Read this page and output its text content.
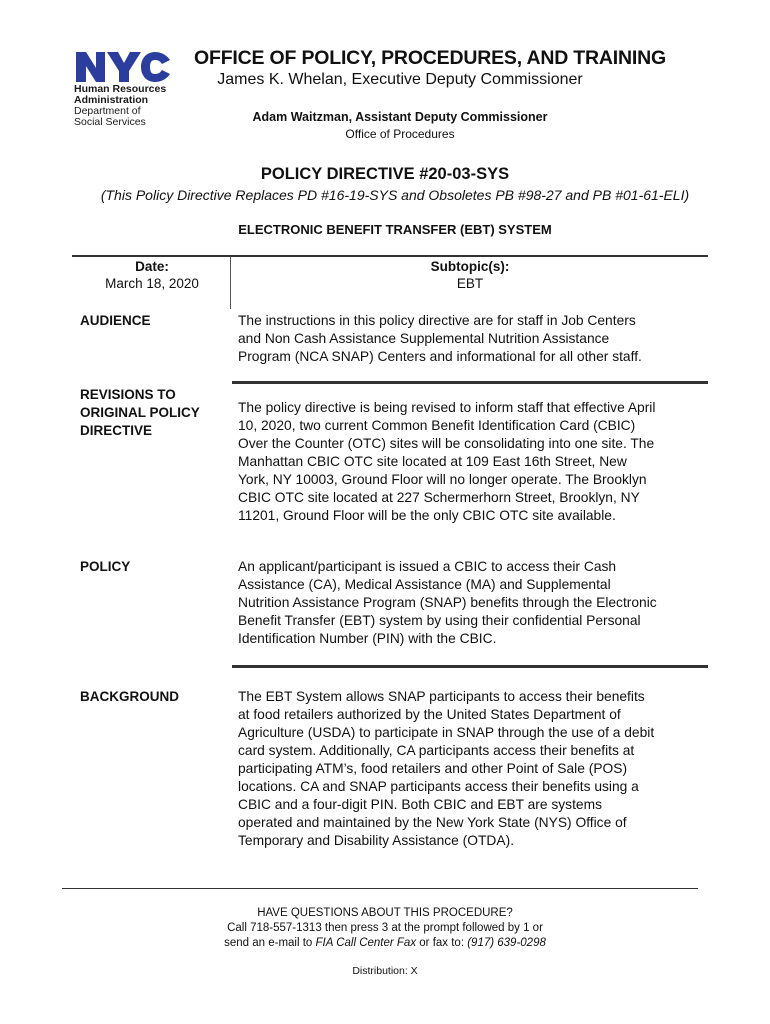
Human Resources
Administration
Department of
Social Services
OFFICE OF POLICY, PROCEDURES, AND TRAINING
James K. Whelan, Executive Deputy Commissioner
Adam Waitzman, Assistant Deputy Commissioner
Office of Procedures
POLICY DIRECTIVE #20-03-SYS
(This Policy Directive Replaces PD #16-19-SYS and Obsoletes PB #98-27 and PB #01-61-ELI)
ELECTRONIC BENEFIT TRANSFER (EBT) SYSTEM
Date:
March 18, 2020
Subtopic(s):
EBT
AUDIENCE	The instructions in this policy directive are for staff in Job Centers
and Non Cash Assistance Supplemental Nutrition Assistance
Program (NCA SNAP) Centers and informational for all other staff.
REVISIONS TO
ORIGINAL POLICY
DIRECTIVE
The policy directive is being revised to inform staff that effective April
10, 2020, two current Common Benefit Identification Card (CBIC)
Over the Counter (OTC) sites will be consolidating into one site. The
Manhattan CBIC OTC site located at 109 East 16th Street, New
York, NY 10003, Ground Floor will no longer operate. The Brooklyn
CBIC OTC site located at 227 Schermerhorn Street, Brooklyn, NY
11201, Ground Floor will be the only CBIC OTC site available.
POLICY	An applicant/participant is issued a CBIC to access their Cash
Assistance (CA), Medical Assistance (MA) and Supplemental
Nutrition Assistance Program (SNAP) benefits through the Electronic
Benefit Transfer (EBT) system by using their confidential Personal
Identification Number (PIN) with the CBIC.
BACKGROUND	The EBT System allows SNAP participants to access their benefits
at food retailers authorized by the United States Department of
Agriculture (USDA) to participate in SNAP through the use of a debit
card system. Additionally, CA participants access their benefits at
participating ATM’s, food retailers and other Point of Sale (POS)
locations. CA and SNAP participants access their benefits using a
CBIC and a four-digit PIN. Both CBIC and EBT are systems
operated and maintained by the New York State (NYS) Office of
Temporary and Disability Assistance (OTDA).
HAVE QUESTIONS ABOUT THIS PROCEDURE?
Call 718-557-1313 then press 3 at the prompt followed by 1 or
send an e-mail to FIA Call Center Fax or fax to: (917) 639-0298
Distribution: X
